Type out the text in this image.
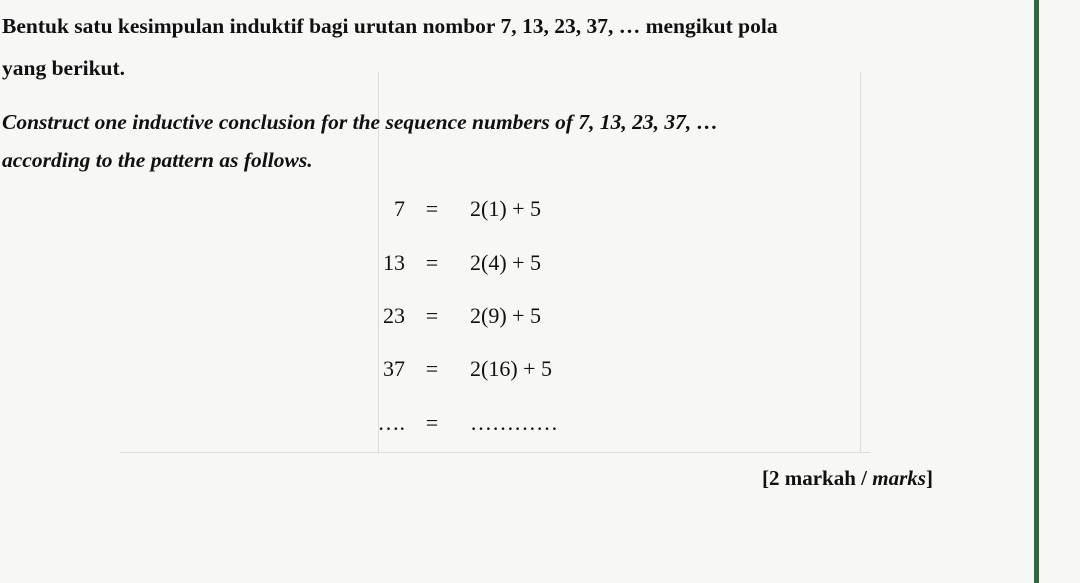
Bentuk satu kesimpulan induktif bagi urutan nombor 7, 13, 23, 37, … mengikut pola
yang berikut.
Construct one inductive conclusion for the sequence numbers of 7, 13, 23, 37, …
according to the pattern as follows.
7 = 2(1) + 5
13 = 2(4) + 5
23 = 2(9) + 5
37 = 2(16) + 5
…. = …………
[2 markah / marks]
